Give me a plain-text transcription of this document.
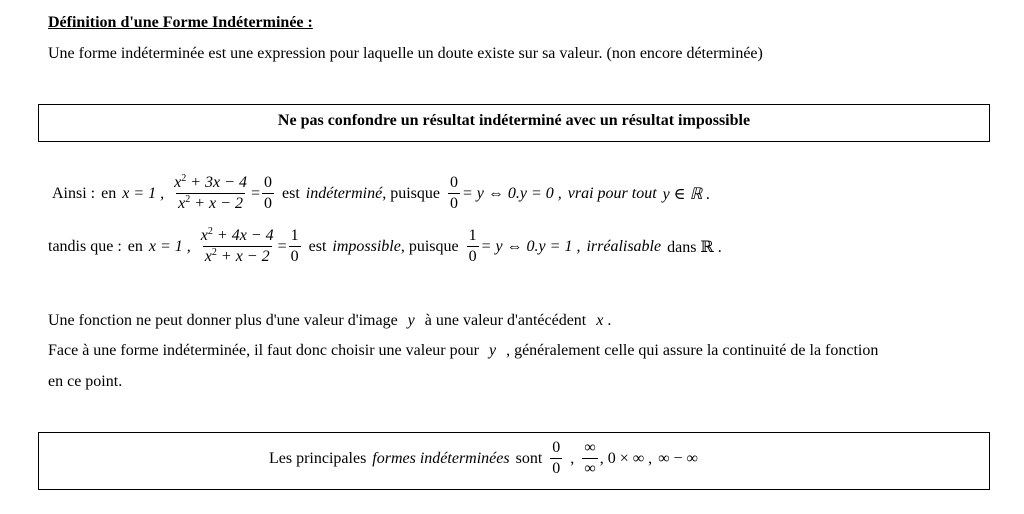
Définition d'une Forme Indéterminée :
Une forme indéterminée est une expression pour laquelle un doute existe sur sa valeur. (non encore déterminée)
Ne pas confondre un résultat indéterminé avec un résultat impossible
Ainsi : en x = 1 , $\frac{x^2 + 3x - 4}{x^2 + x - 2} = \frac{0}{0}$ est indéterminé , puisque $\frac{0}{0} = y$ ⇔ 0.y = 0 , vrai pour tout y ∈ ℝ .
tandis que : en x = 1 , $\frac{x^2 + 4x - 4}{x^2 + x - 2} = \frac{1}{0}$ est impossible , puisque $\frac{1}{0} = y$ ⇔ 0.y = 1 , irréalisable dans ℝ .
Une fonction ne peut donner plus d'une valeur d'image y à une valeur d'antécédent x .
Face à une forme indéterminée, il faut donc choisir une valeur pour y , généralement celle qui assure la continuité de la fonction
en ce point.
Les principales formes indéterminées sont $\frac{0}{0}$ , $\frac{\infty}{\infty}$ , 0 × ∞ , ∞ − ∞
